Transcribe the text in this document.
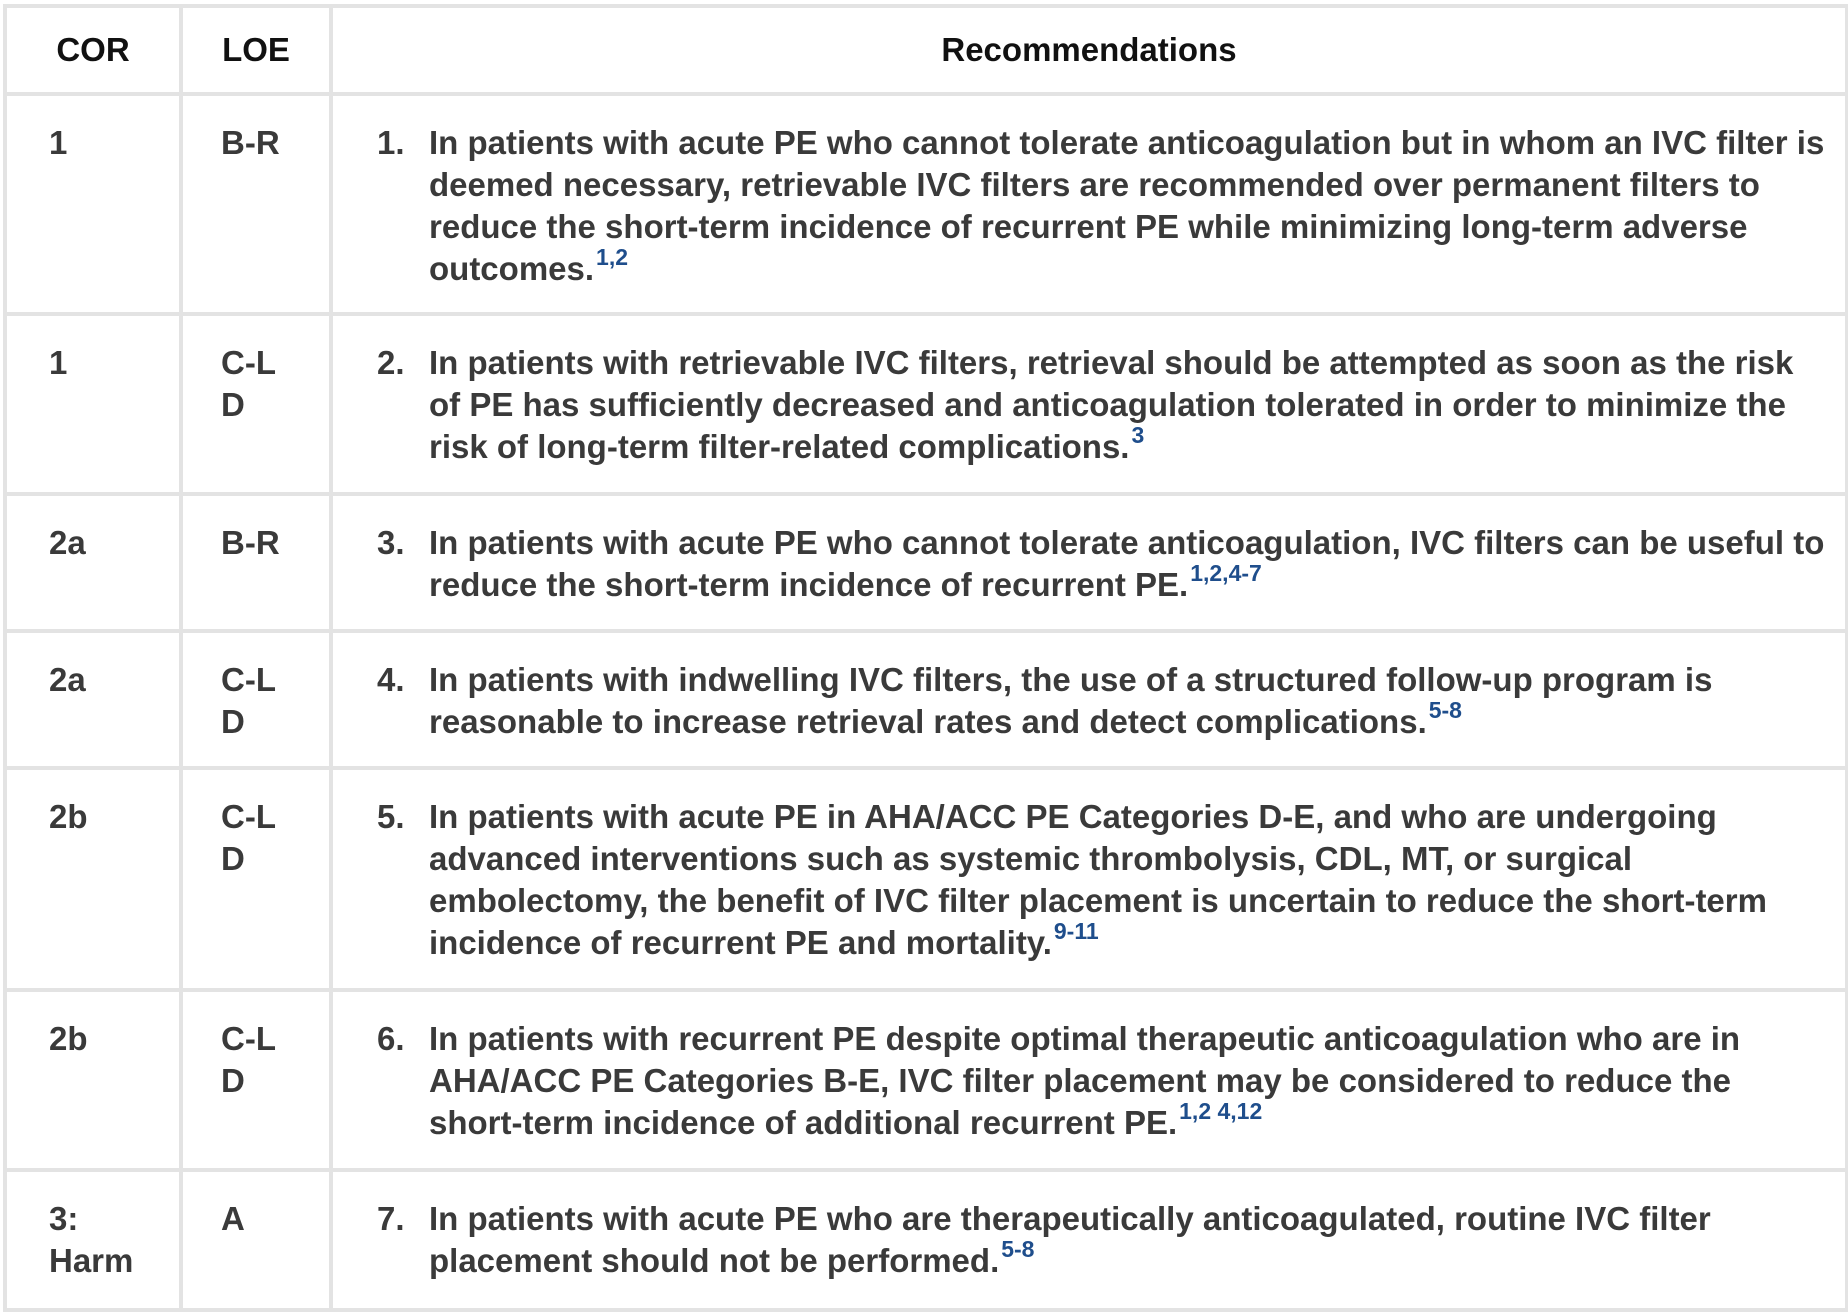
COR	LOE	Recommendations
1	B-R	1. In patients with acute PE who cannot tolerate anticoagulation but in whom an IVC filter is deemed necessary, retrievable IVC filters are recommended over permanent filters to reduce the short-term incidence of recurrent PE while minimizing long-term adverse outcomes.$^{1,2}$

1	C-LD	2. In patients with retrievable IVC filters, retrieval should be attempted as soon as the risk of PE has sufficiently decreased and anticoagulation tolerated in order to minimize the risk of long-term filter-related complications.$^3$

2a	B-R	3. In patients with acute PE who cannot tolerate anticoagulation, IVC filters can be useful to reduce the short-term incidence of recurrent PE.$^{1,2,4-7}$

2a	C-LD	4. In patients with indwelling IVC filters, the use of a structured follow-up program is reasonable to increase retrieval rates and detect complications.$^{5-8}$

2b	C-LD	5. In patients with acute PE in AHA/ACC PE Categories D-E, and who are undergoing advanced interventions such as systemic thrombolysis, CDL, MT, or surgical embolectomy, the benefit of IVC filter placement is uncertain to reduce the short-term incidence of recurrent PE and mortality.$^{9-11}$

2b	C-LD	6. In patients with recurrent PE despite optimal therapeutic anticoagulation who are in AHA/ACC PE Categories B-E, IVC filter placement may be considered to reduce the short-term incidence of additional recurrent PE.$^{1,2 4,12}$

3: Harm	A	7. In patients with acute PE who are therapeutically anticoagulated, routine IVC filter placement should not be performed.$^{5-8}$
